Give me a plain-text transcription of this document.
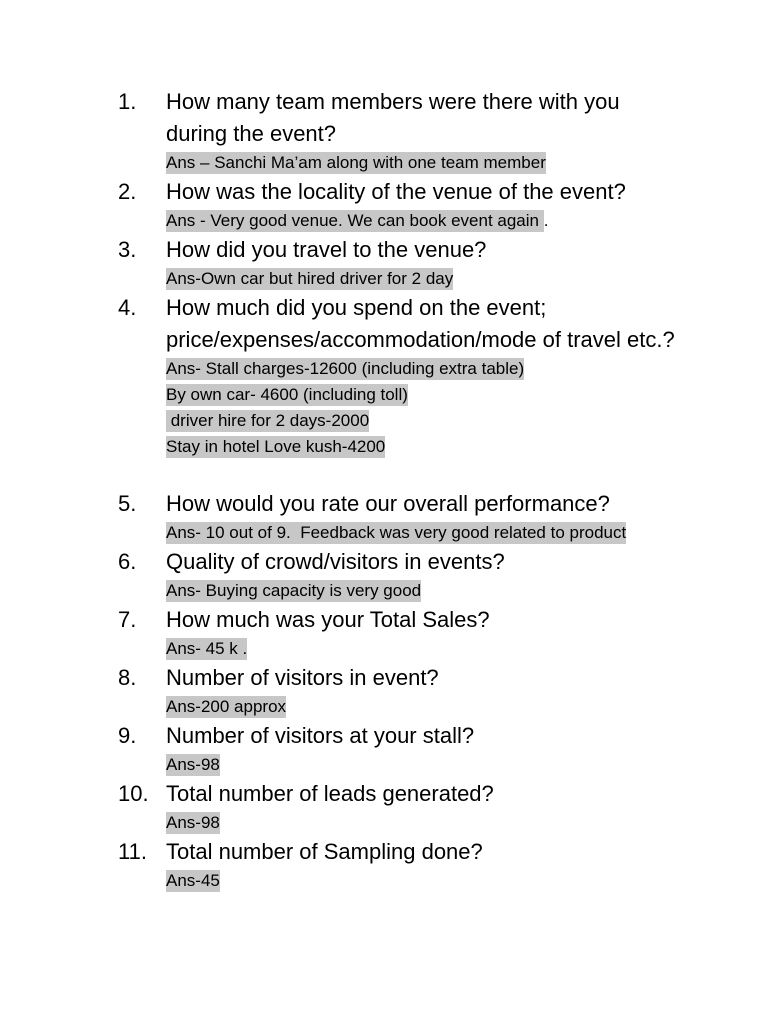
1.	How many team members were there with you during the event?
Ans – Sanchi Ma’am along with one team member
2.	How was the locality of the venue of the event?
Ans - Very good venue. We can book event again .
3.	How did you travel to the venue?
Ans-Own car but hired driver for 2 day
4.	How much did you spend on the event; price/expenses/accommodation/mode of travel etc.?
Ans- Stall charges-12600 (including extra table)
By own car- 4600 (including toll)
driver hire for 2 days-2000
Stay in hotel Love kush-4200
5.	How would you rate our overall performance?
Ans- 10 out of 9.  Feedback was very good related to product
6.	Quality of crowd/visitors in events?
Ans- Buying capacity is very good
7.	How much was your Total Sales?
Ans- 45 k .
8.	Number of visitors in event?
Ans-200 approx
9.	Number of visitors at your stall?
Ans-98
10. Total number of leads generated?
Ans-98
11. Total number of Sampling done?
Ans-45
